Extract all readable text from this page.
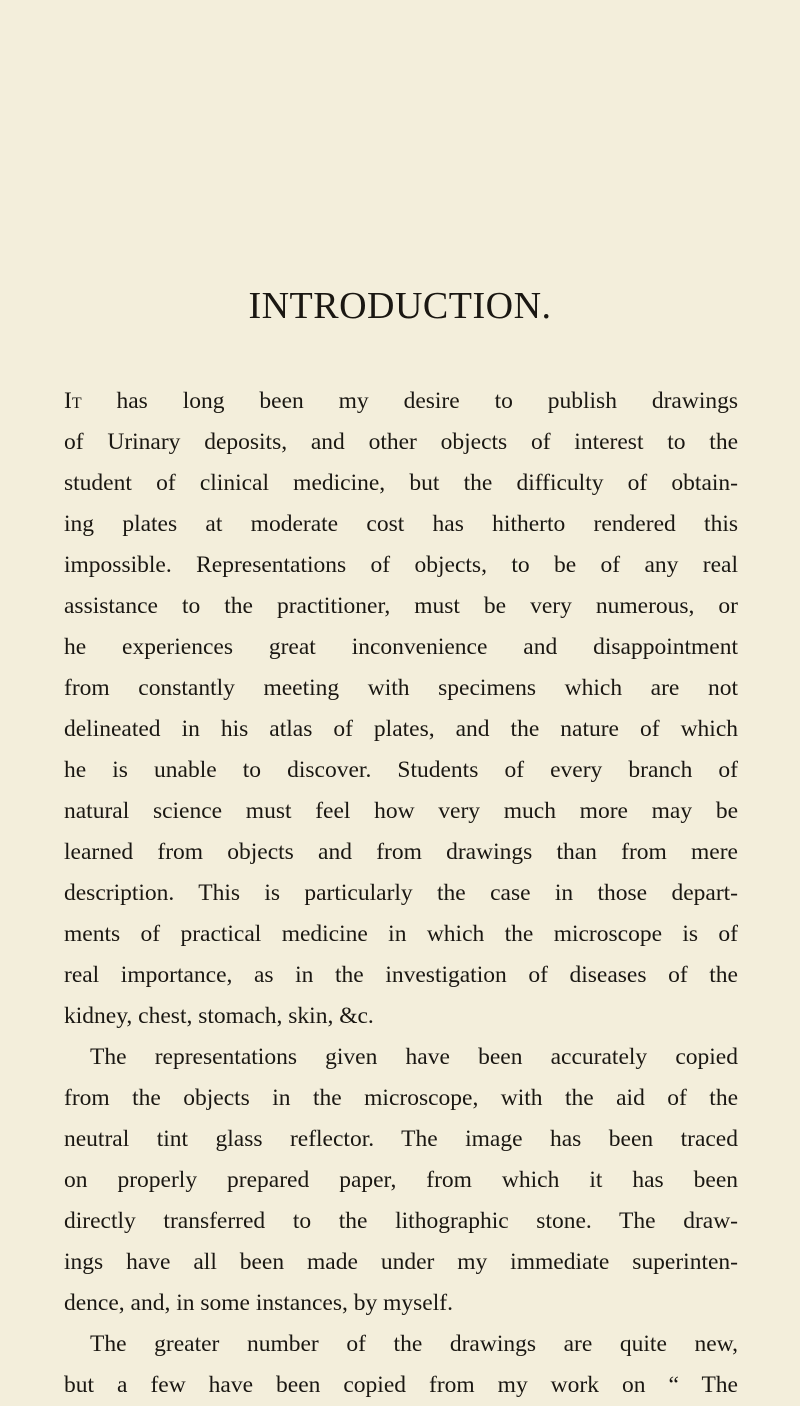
INTRODUCTION.
It has long been my desire to publish drawings
of Urinary deposits, and other objects of interest to the
student of clinical medicine, but the difficulty of obtain-
ing plates at moderate cost has hitherto rendered this
impossible. Representations of objects, to be of any real
assistance to the practitioner, must be very numerous, or
he experiences great inconvenience and disappointment
from constantly meeting with specimens which are not
delineated in his atlas of plates, and the nature of which
he is unable to discover. Students of every branch of
natural science must feel how very much more may be
learned from objects and from drawings than from mere
description. This is particularly the case in those depart-
ments of practical medicine in which the microscope is of
real importance, as in the investigation of diseases of the
kidney, chest, stomach, skin, &c.
The representations given have been accurately copied
from the objects in the microscope, with the aid of the
neutral tint glass reflector. The image has been traced
on properly prepared paper, from which it has been
directly transferred to the lithographic stone. The draw-
ings have all been made under my immediate superinten-
dence, and, in some instances, by myself.
The greater number of the drawings are quite new,
but a few have been copied from my work on “ The
